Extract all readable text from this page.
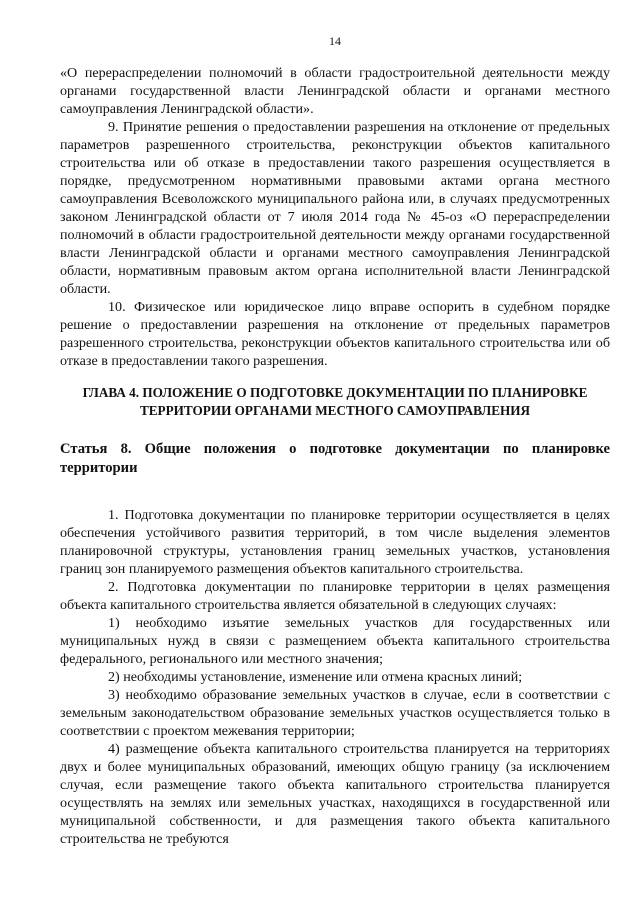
14

«О перераспределении полномочий в области градостроительной деятельности между органами государственной власти Ленинградской области и органами местного самоуправления Ленинградской области».

9. Принятие решения о предоставлении разрешения на отклонение от предельных параметров разрешенного строительства, реконструкции объектов капитального строительства или об отказе в предоставлении такого разрешения осуществляется в порядке, предусмотренном нормативными правовыми актами органа местного самоуправления Всеволожского муниципального района или, в случаях предусмотренных законом Ленинградской области от 7 июля 2014 года № 45-оз «О перераспределении полномочий в области градостроительной деятельности между органами государственной власти Ленинградской области и органами местного самоуправления Ленинградской области, нормативным правовым актом органа исполнительной власти Ленинградской области.

10. Физическое или юридическое лицо вправе оспорить в судебном порядке решение о предоставлении разрешения на отклонение от предельных параметров разрешенного строительства, реконструкции объектов капитального строительства или об отказе в предоставлении такого разрешения.

ГЛАВА 4. ПОЛОЖЕНИЕ О ПОДГОТОВКЕ ДОКУМЕНТАЦИИ ПО ПЛАНИРОВКЕ ТЕРРИТОРИИ ОРГАНАМИ МЕСТНОГО САМОУПРАВЛЕНИЯ
Статья 8. Общие положения о подготовке документации по планировке территории

1. Подготовка документации по планировке территории осуществляется в целях обеспечения устойчивого развития территорий, в том числе выделения элементов планировочной структуры, установления границ земельных участков, установления границ зон планируемого размещения объектов капитального строительства.

2. Подготовка документации по планировке территории в целях размещения объекта капитального строительства является обязательной в следующих случаях:

1) необходимо изъятие земельных участков для государственных или муниципальных нужд в связи с размещением объекта капитального строительства федерального, регионального или местного значения;

2) необходимы установление, изменение или отмена красных линий;

3) необходимо образование земельных участков в случае, если в соответствии с земельным законодательством образование земельных участков осуществляется только в соответствии с проектом межевания территории;

4) размещение объекта капитального строительства планируется на территориях двух и более муниципальных образований, имеющих общую границу (за исключением случая, если размещение такого объекта капитального строительства планируется осуществлять на землях или земельных участках, находящихся в государственной или муниципальной собственности, и для размещения такого объекта капитального строительства не требуются
